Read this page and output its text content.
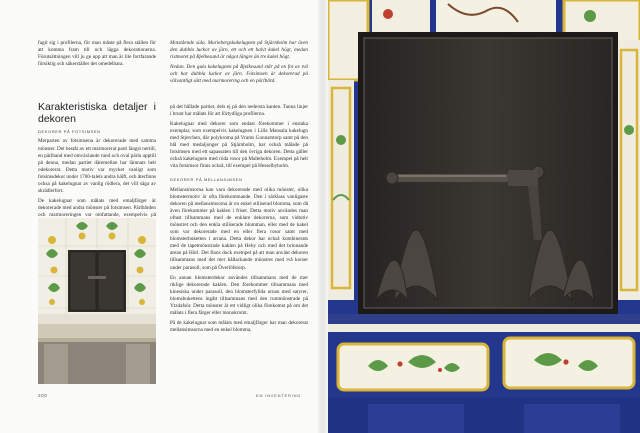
fagit sig i profilerna, för man måste på flera ställen för att komma fram till och lägga dekorationerna. Förutsättningen vill ju ge upp att man är lite fortfarande försiktig och säkerställer det omedelbara.

Karakteristiska detaljer i dekoren
DEKORER PÅ FOTSIMSEN

Merparten av fotsimsena är dekorerade med samma mönster. Det består av ett marmorerat parti längst nertill, en pärlband med omväxlande rund och oval pärla upptill på denna, medan partiet däremellan har lämnats helt odekorerat. Detta motiv var mycket vanligt som fotsimsdekor under 1700-talets andra hälft, och återfinns ocksa på kakelugnar av vanlig rödlera, det vill säga av skrädlerfort.

De kakelugnar som målats med emaljfärger är dekorerade med andra mönster på fotsimsen. Pärlbården och marmoreringen var omfattande, exempelvis på

Motstående sida. Mariebergskakelugnen på Stjärnholm har även den dubbla luckor av järn, ett och ett halvt kakel högt, medan ristmotet på Bjelkesund är något längre än tre kakel högt.

Nedan. Den gula kakelugnen på Bjelkesund står på en fot av två och har dubbla luckor av järn. Fotsimsen är dekorerad på välvantligt sätt med marmorering och en pärlbård.

på det hållade partiet, dels ej på den nedersta kanten. Tanna linjer i brunt har målats för att förtydliga profilerna.

Kakelugnar med dekorer som endast förekommer i enstaka exemplar, som exempelvis kakelugnen i Lilla Mansala kakelugn med Stjerchen, där polykroma på Vrams Gunnarstorp samt på den blå med medaljonger på Stjärnholm, har också målade på fotsimsen med ett sapassaten till den övriga dekoren. Detta gäller också kakelugnen med röda rosor på Malteholm. Exempel på helt vita fotsimsor finns också, till exempel på Hesselbyholm.

DEKORER PÅ MELLANSIMSEN

Mellansimsorna kan vara dekorerade med olika mönster, olika blomstermotiv är ofta förekommande. Den i särklass vanligaste dekoren på mellansimsorna är en enkel stiliserad blomma, som då även förekommer på kaklen i friser. Detta motiv användes man oftast tillsammans med de enklare dekorerna, som vidtotiv mönstret och den enkla stiliserade blomman, eller med de kakel som var dekorerade med en eller flera rosor samt med blomsterbuketten i arrana. Detta dekor har också kombinerats med de tapetmönstrade kaklen på Heby och med det brinnande arean på Hörl. Det finns dock exempel på att man använt dekoren tillsammans med det mer hållackande mönstret med två korser under parasoll, som på Överlöfstorp.

En annan blomsterdekor användes tillsammans med de mer riklige dekorerade kaklen. Den förekommer tillsammans med kinesiska under parasoll, den blomsterfyllda urnan med satyrer, blomsbukettens ingått tillsammans med den rummönstrade på Ytzdafsör. Detta mönster är ett vidligt olika förekomst på om det målats i flera färger eller monokromt.

På de kakelugnar som målats med emaljfärger har man dekorerat mellansimsorna med en enkel blomma,

200	EN INVENTERING
